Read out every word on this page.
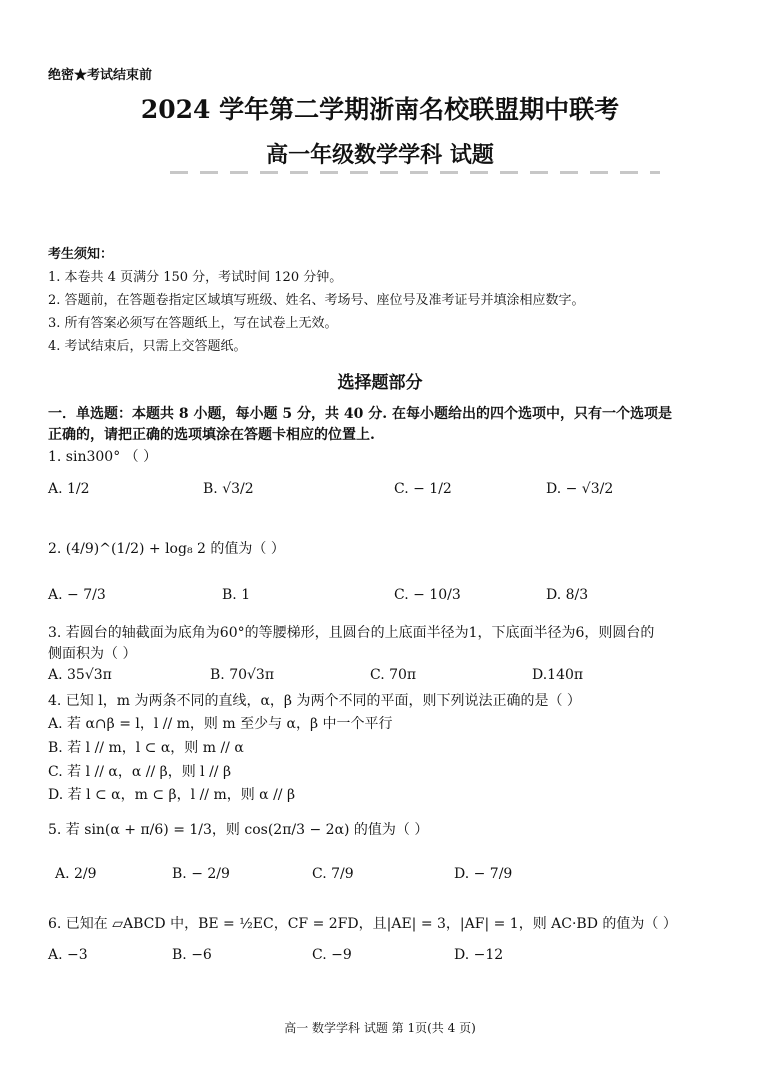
绝密★考试结束前
2024 学年第二学期浙南名校联盟期中联考
高一年级数学学科 试题
考生须知：
1. 本卷共 4 页满分 150 分，考试时间 120 分钟。
2. 答题前，在答题卷指定区域填写班级、姓名、考场号、座位号及准考证号并填涂相应数字。
3. 所有答案必须写在答题纸上，写在试卷上无效。
4. 考试结束后，只需上交答题纸。
选择题部分
一．单选题：本题共 8 小题，每小题 5 分，共 40 分. 在每小题给出的四个选项中，只有一个选项是
正确的，请把正确的选项填涂在答题卡相应的位置上.
1. sin300° （ ）
A. 1/2	B. √3/2	C. − 1/2	D. − √3/2
2. (4/9)^(1/2) + log₈ 2 的值为（ ）
A. − 7/3	B. 1	C. − 10/3	D. 8/3
3. 若圆台的轴截面为底角为60°的等腰梯形，且圆台的上底面半径为1，下底面半径为6，则圆台的
侧面积为（ ）
A. 35√3π	B. 70√3π	C. 70π	D.140π
4. 已知 l，m 为两条不同的直线，α，β 为两个不同的平面，则下列说法正确的是（ ）
A. 若 α∩β = l，l // m，则 m 至少与 α，β 中一个平行
B. 若 l // m，l ⊂ α，则 m // α
C. 若 l // α，α // β，则 l // β
D. 若 l ⊂ α，m ⊂ β，l // m，则 α // β
5. 若 sin(α + π/6) = 1/3，则 cos(2π/3 − 2α) 的值为（ ）
A. 2/9	B. − 2/9	C. 7/9	D. − 7/9
6. 已知在 ▱ABCD 中，BE = ½EC，CF = 2FD，且|AE| = 3，|AF| = 1，则 AC·BD 的值为（ ）
A. −3	B. −6	C. −9	D. −12
高一 数学学科 试题 第 1页(共 4 页)
